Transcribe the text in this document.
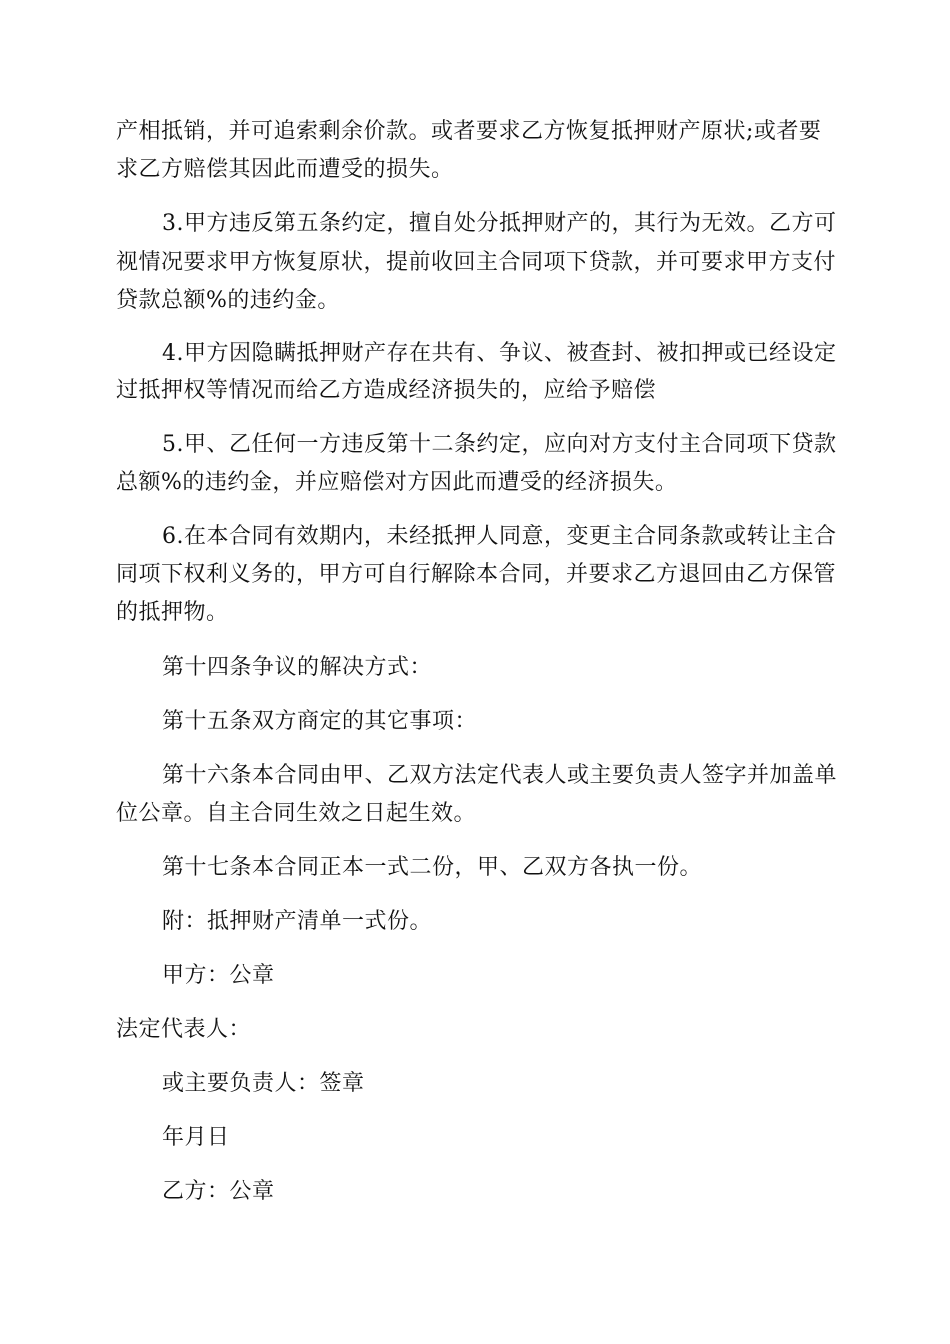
产相抵销，并可追索剩余价款。或者要求乙方恢复抵押财产原状;或者要
求乙方赔偿其因此而遭受的损失。
3.甲方违反第五条约定，擅自处分抵押财产的，其行为无效。乙方可
视情况要求甲方恢复原状，提前收回主合同项下贷款，并可要求甲方支付
贷款总额%的违约金。
4.甲方因隐瞒抵押财产存在共有、争议、被查封、被扣押或已经设定
过抵押权等情况而给乙方造成经济损失的，应给予赔偿
5.甲、乙任何一方违反第十二条约定，应向对方支付主合同项下贷款
总额%的违约金，并应赔偿对方因此而遭受的经济损失。
6.在本合同有效期内，未经抵押人同意，变更主合同条款或转让主合
同项下权利义务的，甲方可自行解除本合同，并要求乙方退回由乙方保管
的抵押物。
第十四条争议的解决方式：
第十五条双方商定的其它事项：
第十六条本合同由甲、乙双方法定代表人或主要负责人签字并加盖单
位公章。自主合同生效之日起生效。
第十七条本合同正本一式二份，甲、乙双方各执一份。
附：抵押财产清单一式份。
甲方：公章
法定代表人：
或主要负责人：签章
年月日
乙方：公章
